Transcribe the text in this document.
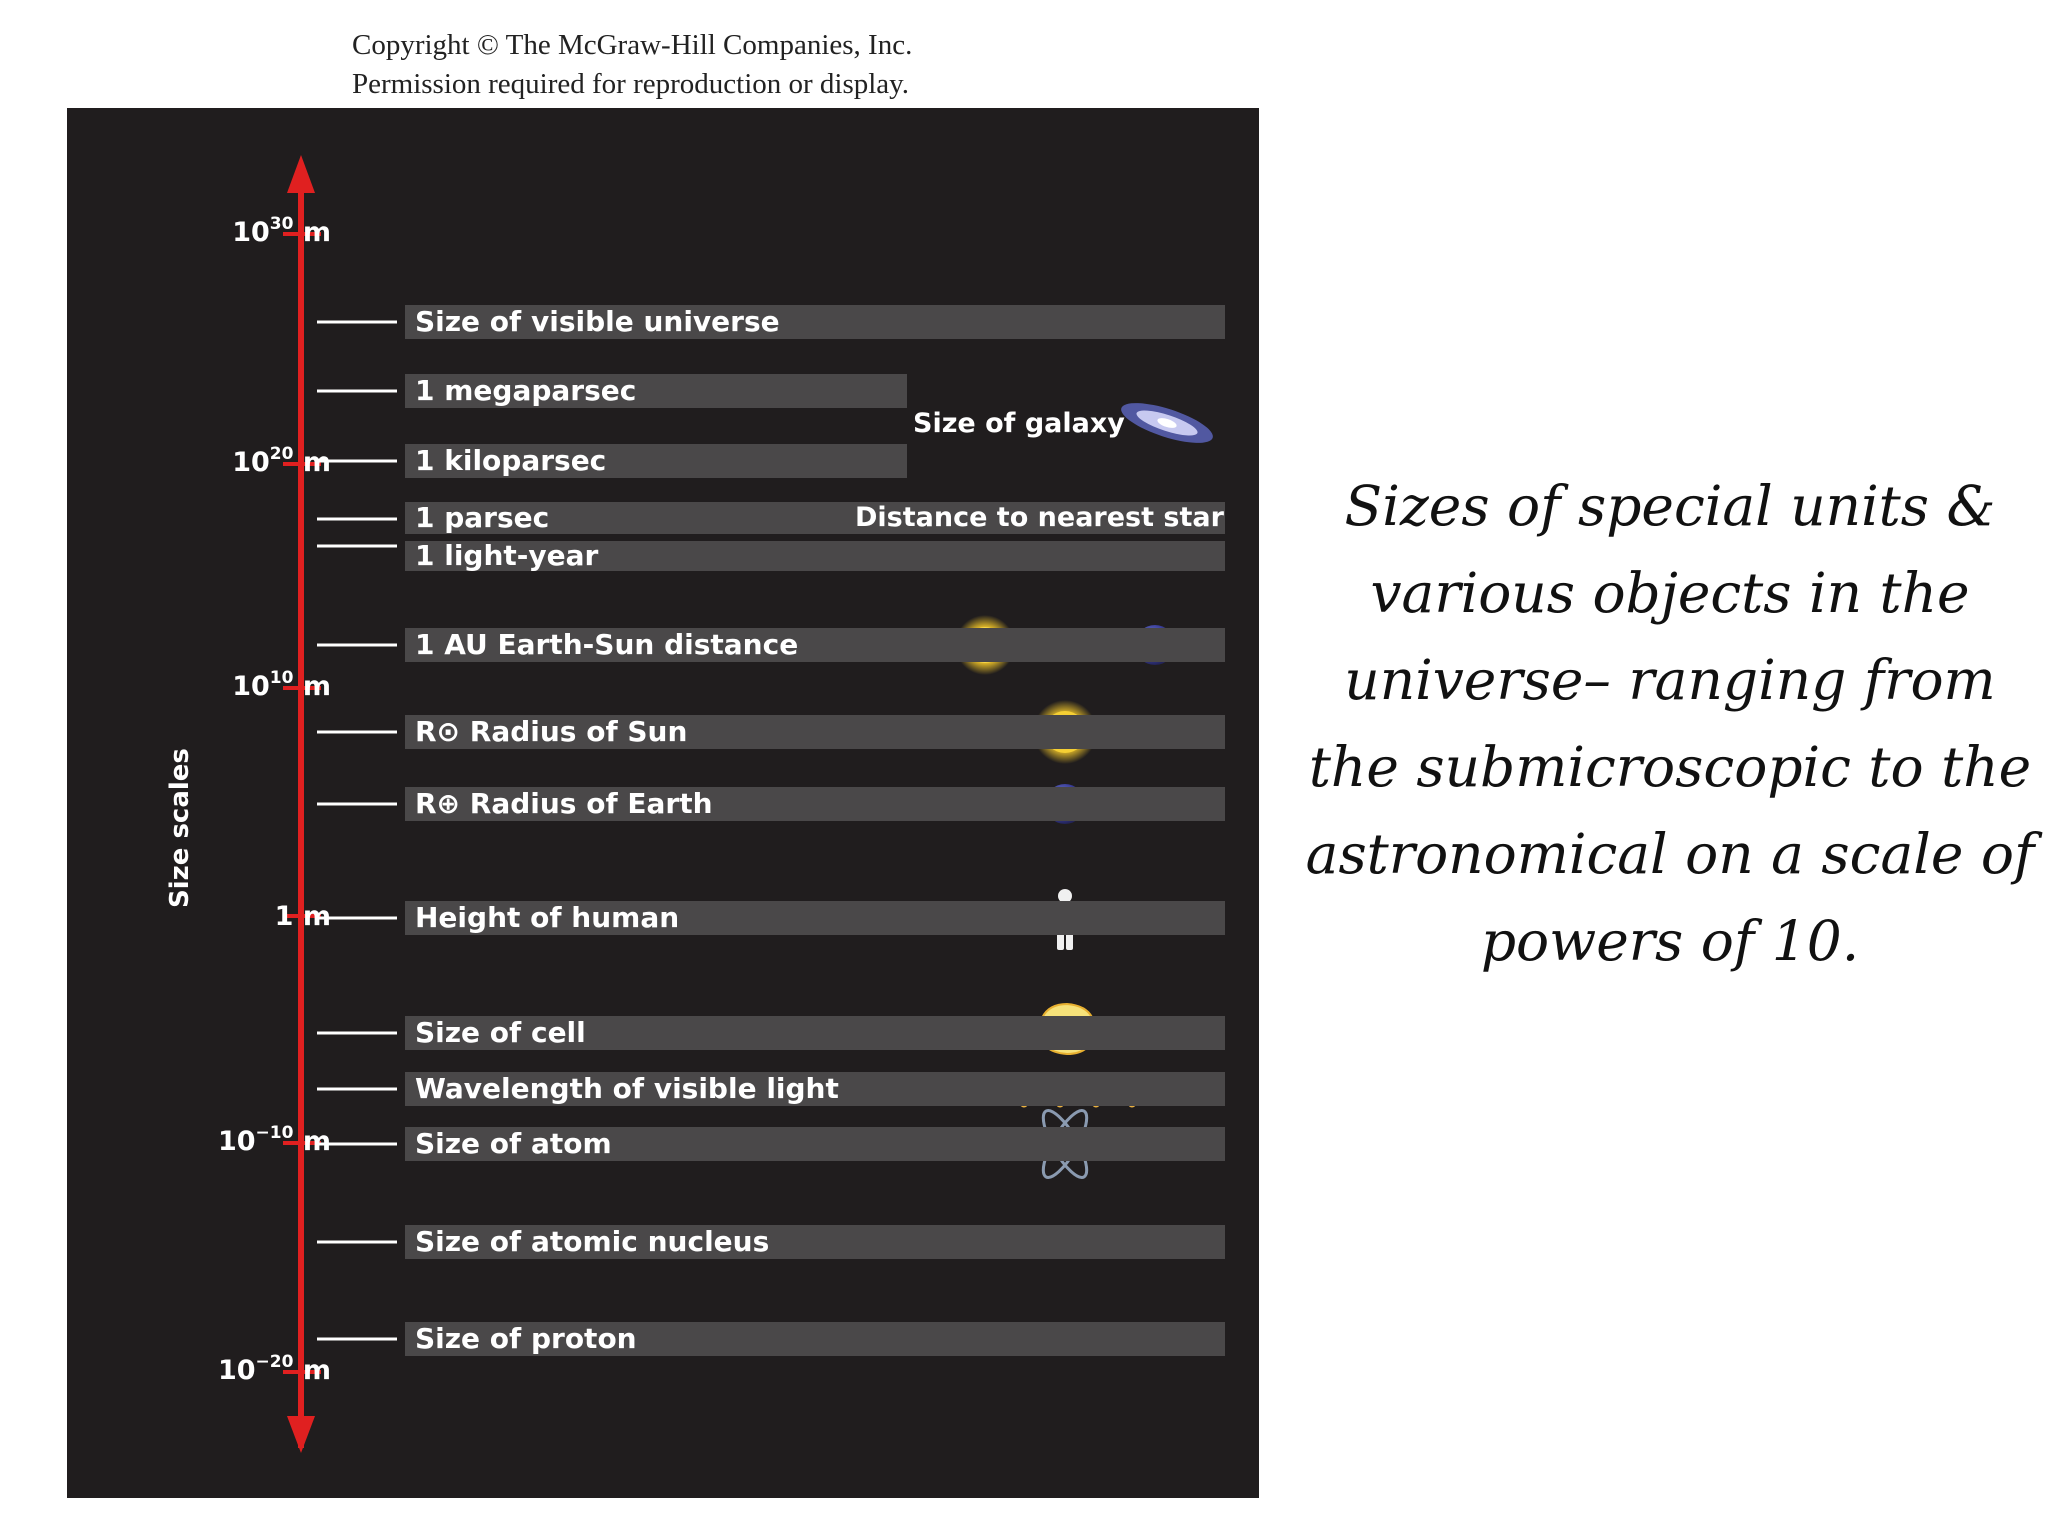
Copyright © The McGraw-Hill Companies, Inc.
Permission required for reproduction or display.
Size scales
$10^{30}$ m
$10^{20}$ m
$10^{10}$ m
1 m
$10^{-10}$ m
$10^{-20}$ m
Size of visible universe
1 megaparsec
Size of galaxy
1 kiloparsec
1 parsec	Distance to nearest star
1 light-year
1 AU Earth-Sun distance
R⊙ Radius of Sun
R⊕ Radius of Earth
Height of human
Size of cell
Wavelength of visible light
Size of atom
Size of atomic nucleus
Size of proton
Sizes of special units & various objects in the universe– ranging from the submicroscopic to the astronomical on a scale of powers of 10.
